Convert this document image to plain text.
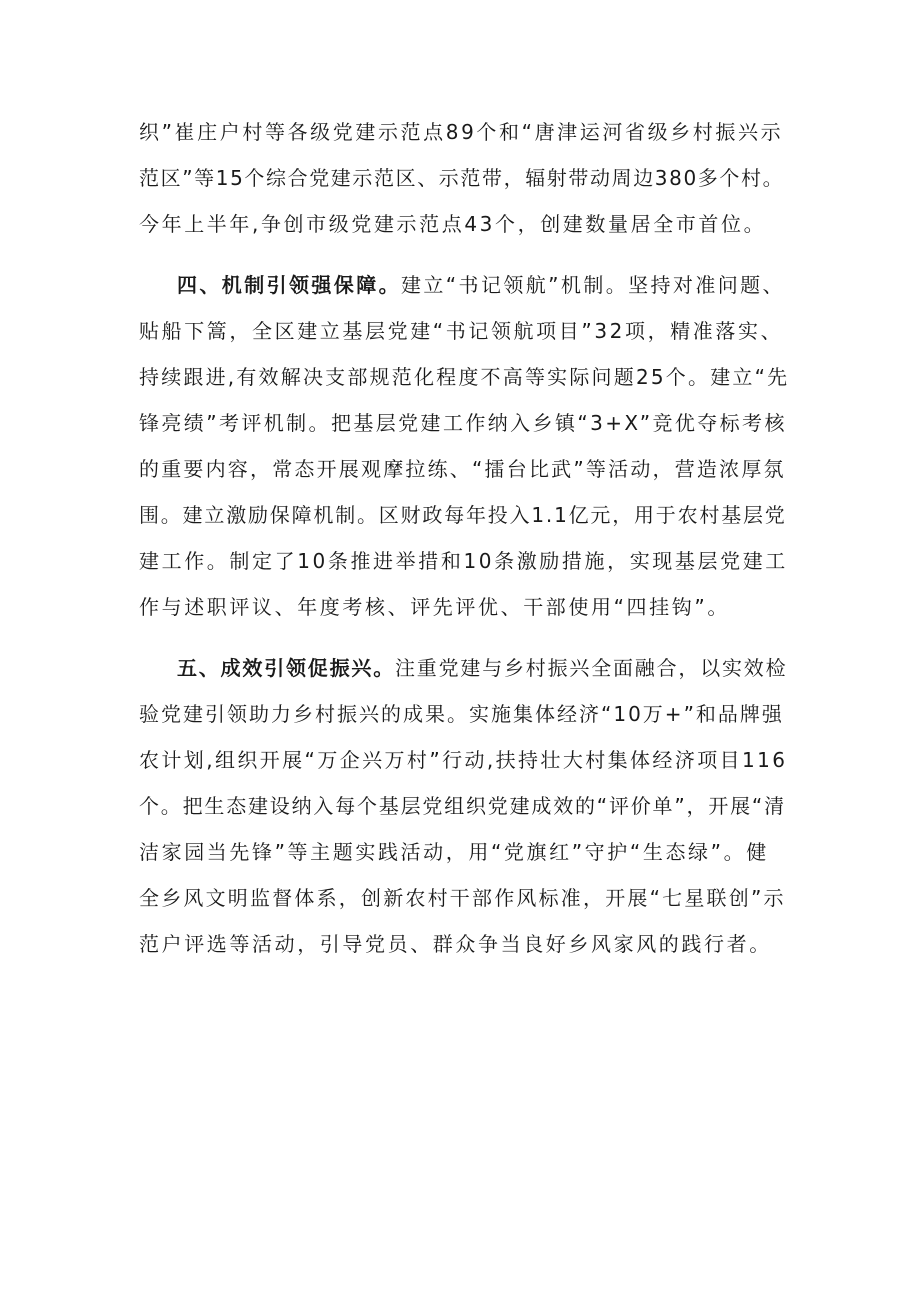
织”崔庄户村等各级党建示范点89个和“唐津运河省级乡村振兴示
范区”等15个综合党建示范区、示范带，辐射带动周边380多个村。
今年上半年,争创市级党建示范点43个，创建数量居全市首位。
四、机制引领强保障。建立“书记领航”机制。坚持对准问题、
贴船下篙，全区建立基层党建“书记领航项目”32项，精准落实、
持续跟进,有效解决支部规范化程度不高等实际问题25个。建立“先
锋亮绩”考评机制。把基层党建工作纳入乡镇“3+X”竞优夺标考核
的重要内容，常态开展观摩拉练、“擂台比武”等活动，营造浓厚氛
围。建立激励保障机制。区财政每年投入1.1亿元，用于农村基层党
建工作。制定了10条推进举措和10条激励措施，实现基层党建工
作与述职评议、年度考核、评先评优、干部使用“四挂钩”。
五、成效引领促振兴。注重党建与乡村振兴全面融合，以实效检
验党建引领助力乡村振兴的成果。实施集体经济“10万+”和品牌强
农计划,组织开展“万企兴万村”行动,扶持壮大村集体经济项目116
个。把生态建设纳入每个基层党组织党建成效的“评价单”，开展“清
洁家园当先锋”等主题实践活动，用“党旗红”守护“生态绿”。健
全乡风文明监督体系，创新农村干部作风标准，开展“七星联创”示
范户评选等活动，引导党员、群众争当良好乡风家风的践行者。
